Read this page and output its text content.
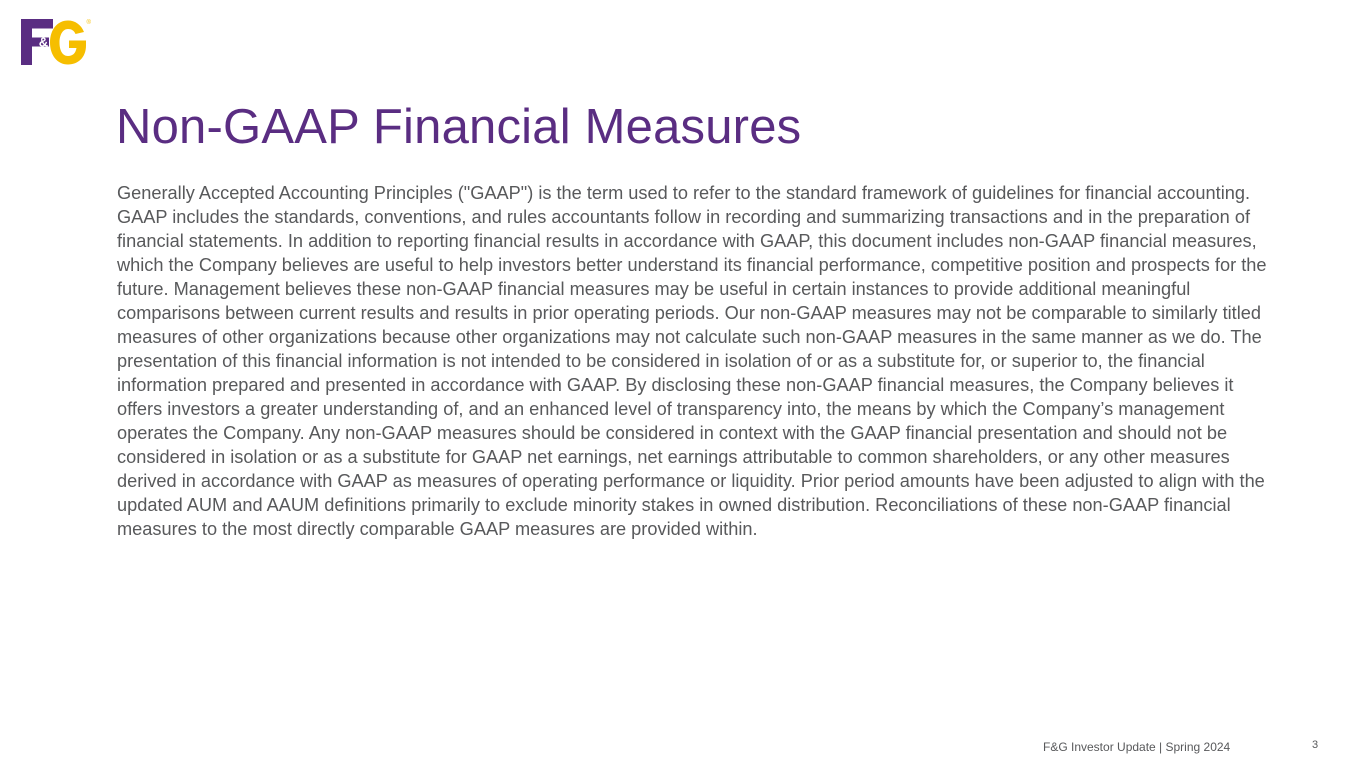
&
®
Non-GAAP Financial Measures

Generally Accepted Accounting Principles ("GAAP") is the term used to refer to the standard framework of guidelines for financial accounting. GAAP includes the standards, conventions, and rules accountants follow in recording and summarizing transactions and in the preparation of financial statements. In addition to reporting financial results in accordance with GAAP, this document includes non-GAAP financial measures, which the Company believes are useful to help investors better understand its financial performance, competitive position and prospects for the future. Management believes these non-GAAP financial measures may be useful in certain instances to provide additional meaningful comparisons between current results and results in prior operating periods. Our non-GAAP measures may not be comparable to similarly titled measures of other organizations because other organizations may not calculate such non-GAAP measures in the same manner as we do. The presentation of this financial information is not intended to be considered in isolation of or as a substitute for, or superior to, the financial information prepared and presented in accordance with GAAP. By disclosing these non-GAAP financial measures, the Company believes it offers investors a greater understanding of, and an enhanced level of transparency into, the means by which the Company’s management operates the Company. Any non-GAAP measures should be considered in context with the GAAP financial presentation and should not be considered in isolation or as a substitute for GAAP net earnings, net earnings attributable to common shareholders, or any other measures derived in accordance with GAAP as measures of operating performance or liquidity. Prior period amounts have been adjusted to align with the updated AUM and AAUM definitions primarily to exclude minority stakes in owned distribution. Reconciliations of these non-GAAP financial measures to the most directly comparable GAAP measures are provided within.

F&G Investor Update | Spring 2024	3
